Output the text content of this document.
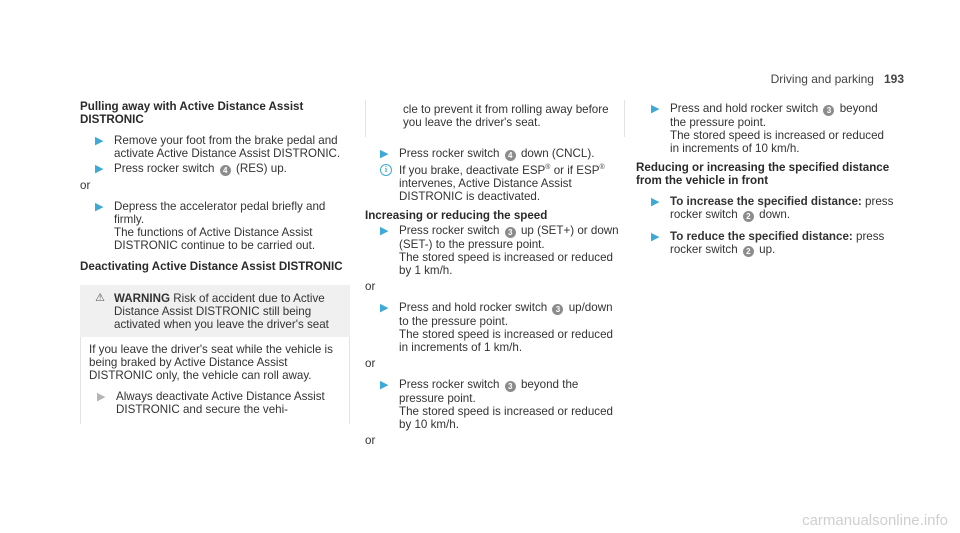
Driving and parking 193
Pulling away with Active Distance Assist DISTRONIC
▶ Remove your foot from the brake pedal and activate Active Distance Assist DISTRONIC.
▶ Press rocker switch 4 (RES) up.
or
▶ Depress the accelerator pedal briefly and firmly.
The functions of Active Distance Assist DISTRONIC continue to be carried out.
Deactivating Active Distance Assist DISTRONIC
⚠ WARNING Risk of accident due to Active Distance Assist DISTRONIC still being activated when you leave the driver's seat
If you leave the driver's seat while the vehicle is being braked by Active Distance Assist DISTRONIC only, the vehicle can roll away.
▶ Always deactivate Active Distance Assist DISTRONIC and secure the vehi-
cle to prevent it from rolling away before you leave the driver's seat.
▶ Press rocker switch 4 down (CNCL).
i	If you brake, deactivate ESP® or if ESP® intervenes, Active Distance Assist DISTRONIC is deactivated.
Increasing or reducing the speed
▶ Press rocker switch 3 up (SET+) or down (SET-) to the pressure point.
The stored speed is increased or reduced by 1 km/h.
or
▶ Press and hold rocker switch 3 up/down to the pressure point.
The stored speed is increased or reduced in increments of 1 km/h.
or
▶ Press rocker switch 3 beyond the pressure point.
The stored speed is increased or reduced by 10 km/h.
or
▶ Press and hold rocker switch 3 beyond the pressure point.
The stored speed is increased or reduced in increments of 10 km/h.
Reducing or increasing the specified distance from the vehicle in front
▶ To increase the specified distance: press rocker switch 2 down.
▶ To reduce the specified distance: press rocker switch 2 up.
carmanualsonline.info
